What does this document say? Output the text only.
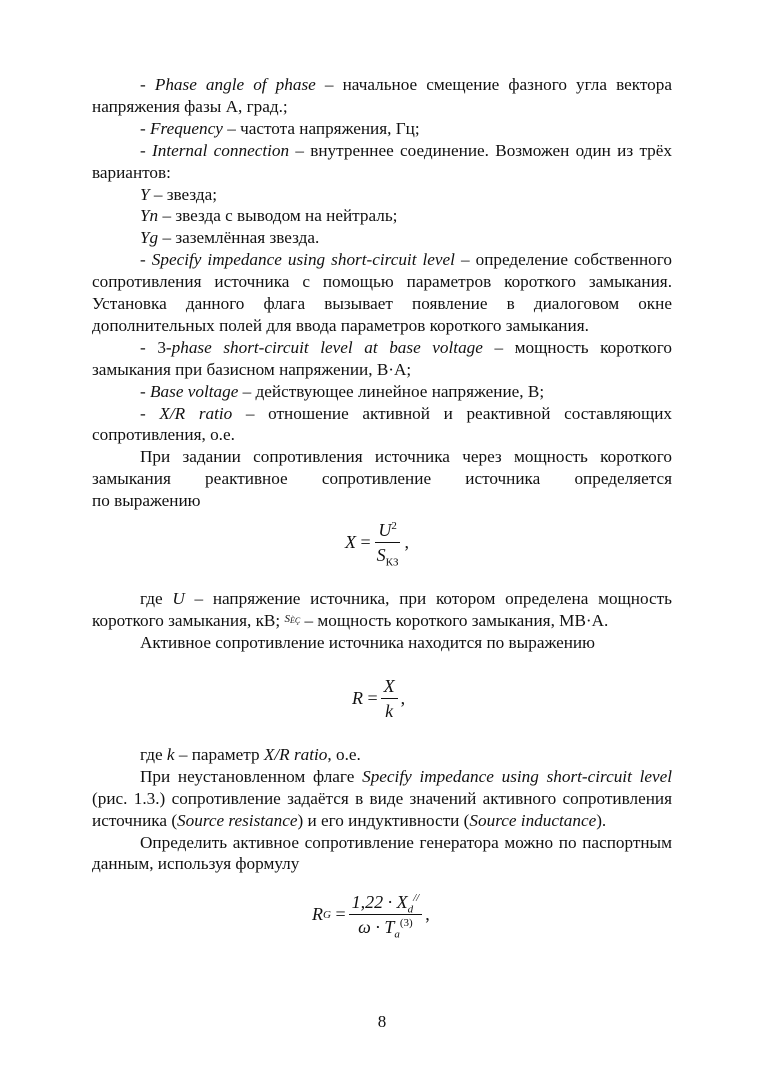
- Phase angle of phase – начальное смещение фазного угла вектора
напряжения фазы А, град.;
- Frequency – частота напряжения, Гц;
- Internal connection – внутреннее соединение. Возможен один из трёх
вариантов:
Y – звезда;
Yn – звезда с выводом на нейтраль;
Yg – заземлённая звезда.
- Specify impedance using short-circuit level – определение собственного
сопротивления источника с помощью параметров короткого замыкания.
Установка данного флага вызывает появление в диалоговом окне
дополнительных полей для ввода параметров короткого замыкания.
- 3-phase short-circuit level at base voltage – мощность короткого
замыкания при базисном напряжении, В·А;
- Base voltage – действующее линейное напряжение, В;
- X/R ratio – отношение активной и реактивной составляющих
сопротивления, о.е.
При задании сопротивления источника через мощность короткого
замыкания реактивное сопротивление источника определяется
по выражению
где U – напряжение источника, при котором определена мощность
короткого замыкания, кВ; $^{S_{ÈÇ}}$ – мощность короткого замыкания, МВ·А.
Активное сопротивление источника находится по выражению
где k – параметр X/R ratio, о.е.
При неустановленном флаге Specify impedance using short-circuit level
(рис. 1.3.) сопротивление задаётся в виде значений активного сопротивления
источника (Source resistance) и его индуктивности (Source inductance).
Определить активное сопротивление генератора можно по паспортным
данным, используя формулу
X
= $\frac{U^2}{S_{КЗ}}$ ,
R
= $\frac{X}{k}$ ,
R G
= $\frac{1,22 \cdot X_d^{//}}{\omega \cdot T_a^{(3)}}$ ,
8
